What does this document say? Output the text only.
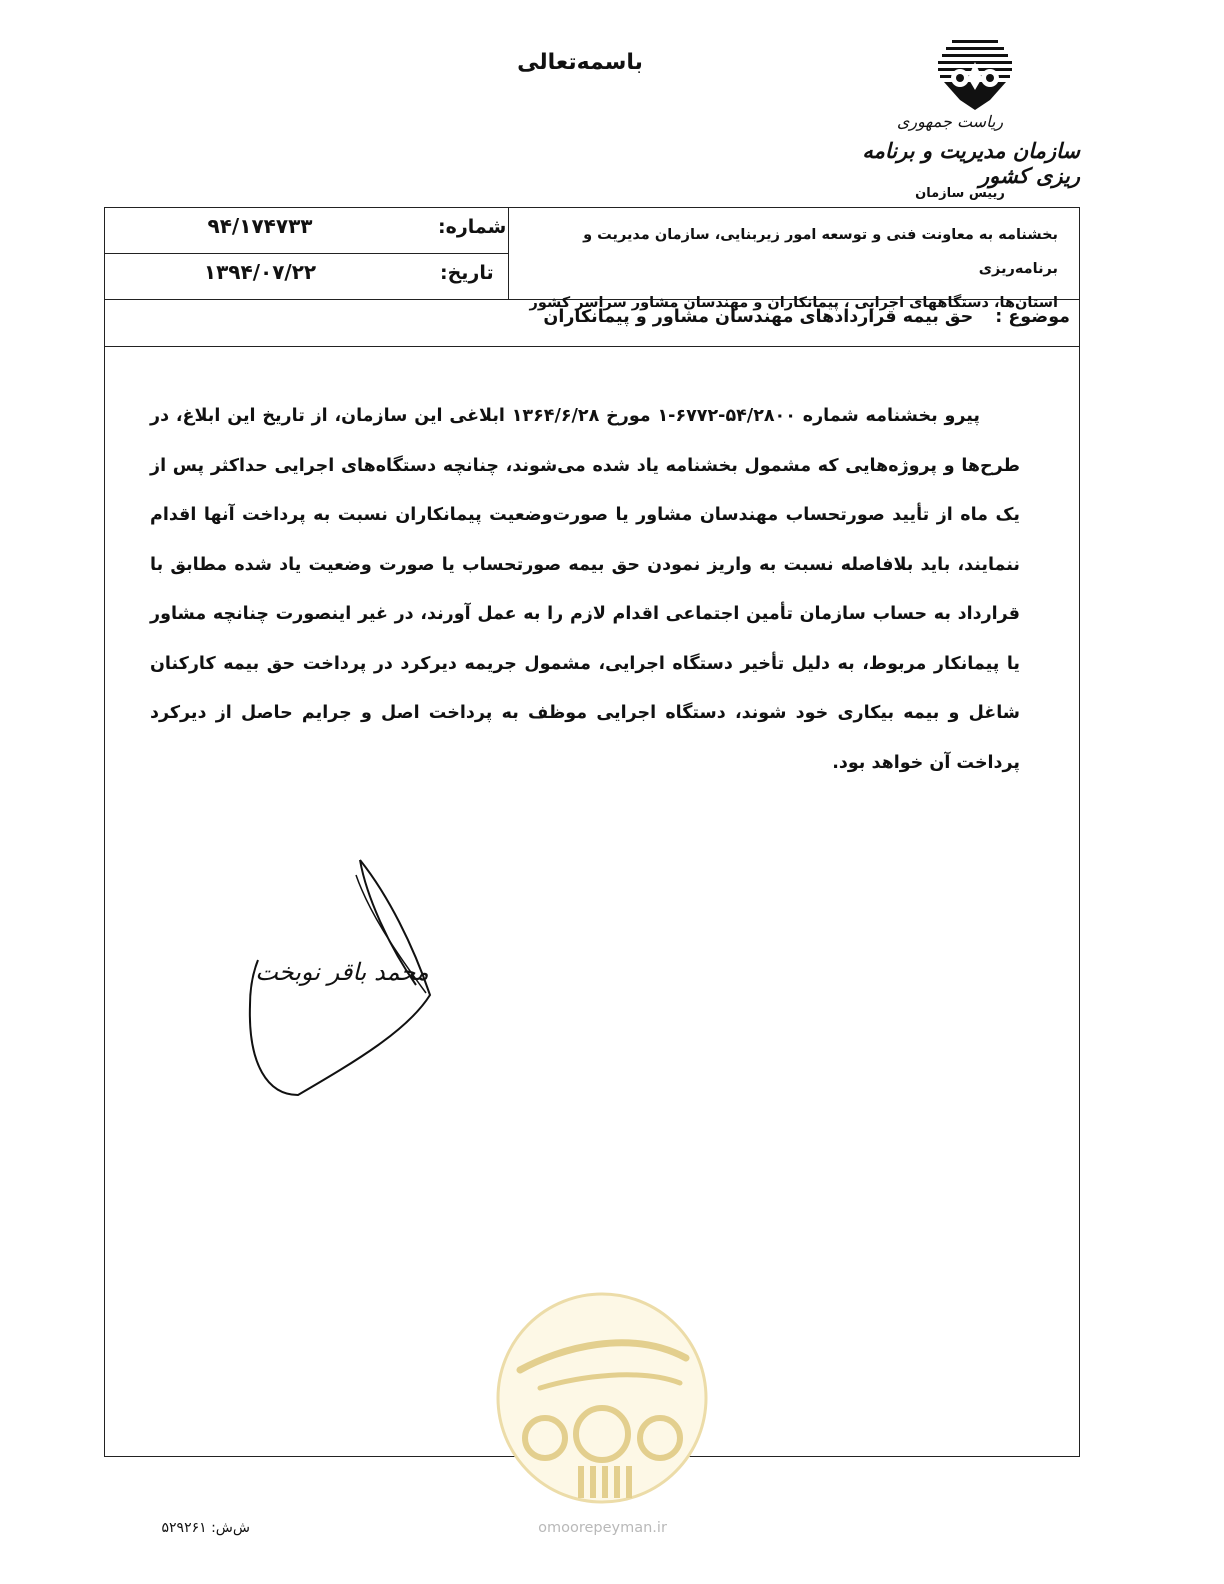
باسمه‌تعالی
ریاست جمهوری
سازمان مدیریت و برنامه ریزی کشور
رییس سازمان
شماره:
۹۴/۱۷۴۷۳۳
تاریخ:
۱۳۹۴/۰۷/۲۲
بخشنامه به معاونت فنی و توسعه امور زیربنایی، سازمان مدیریت و برنامه‌ریزی
استان‌ها، دستگاههای اجرایی ، پیمانکاران و مهندسان مشاور سراسر کشور
موضوع :حق بیمه قراردادهای مهندسان مشاور و پیمانکاران
پیرو بخشنامه شماره ۵۴/۲۸۰۰-۶۷۷۲-۱ مورخ ۱۳۶۴/۶/۲۸ ابلاغی این سازمان، از تاریخ این ابلاغ، در طرح‌ها و پروژه‌هایی که مشمول بخشنامه یاد شده می‌شوند، چنانچه دستگاه‌های اجرایی حداکثر پس از یک ماه از تأیید صورتحساب مهندسان مشاور یا صورت‌وضعیت پیمانکاران نسبت به پرداخت آنها اقدام ننمایند، باید بلافاصله نسبت به واریز نمودن حق بیمه صورتحساب یا صورت وضعیت یاد شده مطابق با قرارداد به حساب سازمان تأمین اجتماعی اقدام لازم را به عمل آورند، در غیر اینصورت چنانچه مشاور یا پیمانکار مربوط، به دلیل تأخیر دستگاه اجرایی، مشمول جریمه دیرکرد در پرداخت حق بیمه کارکنان شاغل و بیمه بیکاری خود شوند، دستگاه اجرایی موظف به پرداخت اصل و جرایم حاصل از دیرکرد پرداخت آن خواهد بود.
محمد باقر نوبخت
omoorepeyman.ir
ش‌ش: ۵۲۹۲۶۱
